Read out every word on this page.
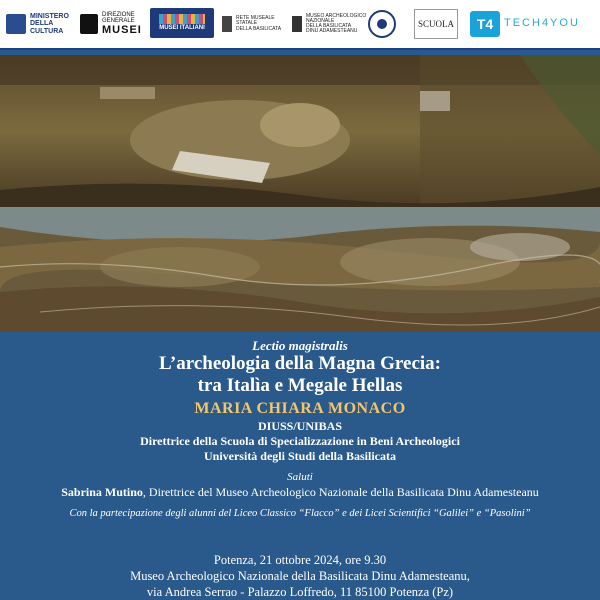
MINISTERO
DELLA
CULTURA
DIREZIONE
GENERALE
MUSEI	MUSEI ITALIANI
RETE MUSEALE
STATALE
DELLA BASILICATA
MUSEO ARCHEOLOGICO
NAZIONALE
DELLA BASILICATA
DINU ADAMESTEANU
SCUOLA	T4 TECH4YOU
Lectio magistralis
L’archeologia della Magna Grecia:
tra Italìa e Megale Hellas
MARIA CHIARA MONACO
DIUSS/UNIBAS
Direttrice della Scuola di Specializzazione in Beni Archeologici
Università degli Studi della Basilicata
Saluti
Sabrina Mutino, Direttrice del Museo Archeologico Nazionale della Basilicata Dinu Adamesteanu
Con la partecipazione degli alunni del Liceo Classico “Flacco” e dei Licei Scientifici “Galilei” e “Pasolini”
Potenza, 21 ottobre 2024, ore 9.30
Museo Archeologico Nazionale della Basilicata Dinu Adamesteanu,
via Andrea Serrao - Palazzo Loffredo, 11 85100 Potenza (Pz)
